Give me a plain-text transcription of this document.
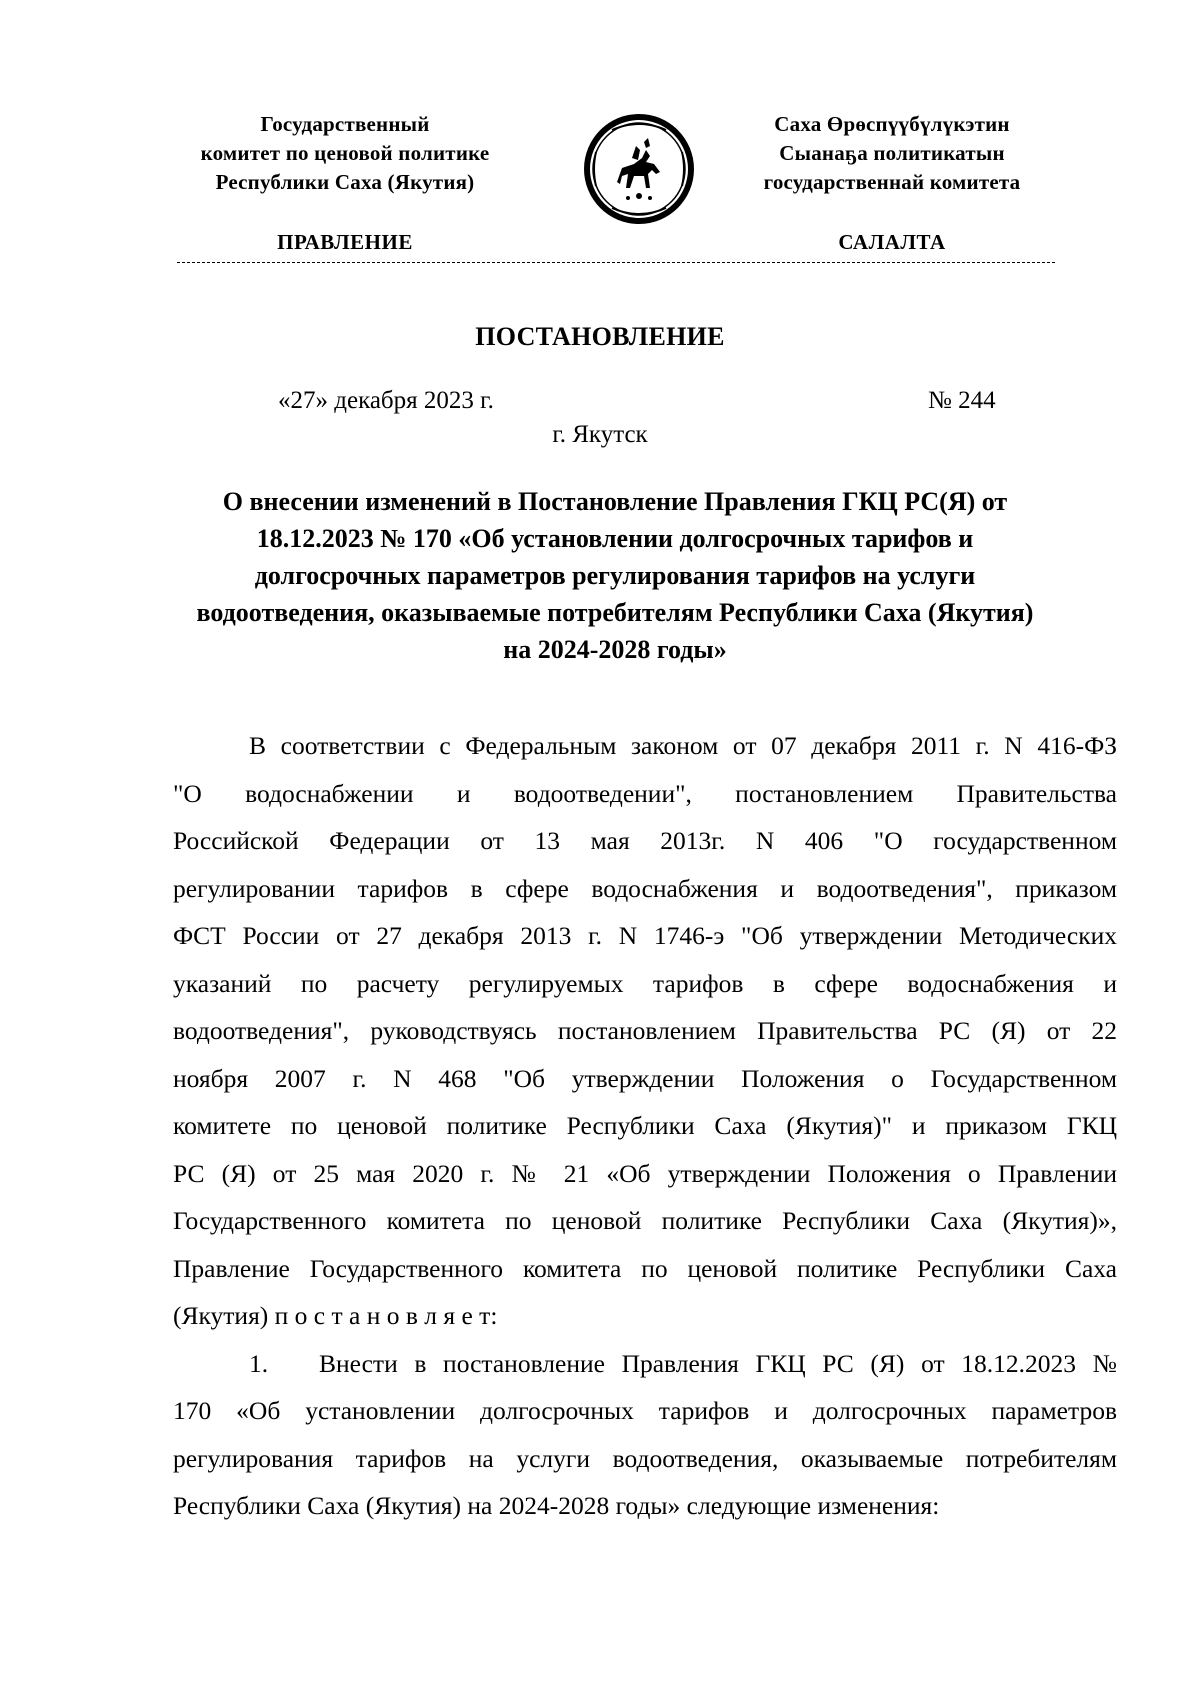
Государственный
комитет по ценовой политике
Республики Саха (Якутия)
Саха Өрөспүүбүлүкэтин
Сыанаҕа политикатын
государственнай комитета
ПРАВЛЕНИЕ	САЛАЛТА
ПОСТАНОВЛЕНИЕ
«27» декабря 2023 г.	№ 244
г. Якутск
О внесении изменений в Постановление Правления ГКЦ РС(Я) от
18.12.2023 № 170 «Об установлении долгосрочных тарифов и
долгосрочных параметров регулирования тарифов на услуги
водоотведения, оказываемые потребителям Республики Саха (Якутия)
на 2024-2028 годы»
В соответствии с Федеральным законом от 07 декабря 2011 г. N 416-ФЗ
"О водоснабжении и водоотведении", постановлением Правительства
Российской Федерации от 13 мая 2013г. N 406 "О государственном
регулировании тарифов в сфере водоснабжения и водоотведения", приказом
ФСТ России от 27 декабря 2013 г. N 1746-э "Об утверждении Методических
указаний по расчету регулируемых тарифов в сфере водоснабжения и
водоотведения", руководствуясь постановлением Правительства РС (Я) от 22
ноября 2007 г. N 468 "Об утверждении Положения о Государственном
комитете по ценовой политике Республики Саха (Якутия)" и приказом ГКЦ
РС (Я) от 25 мая 2020 г. № 21 «Об утверждении Положения о Правлении
Государственного комитета по ценовой политике Республики Саха (Якутия)»,
Правление Государственного комитета по ценовой политике Республики Саха
(Якутия) п о с т а н о в л я е т:
1. Внести в постановление Правления ГКЦ РС (Я) от 18.12.2023 №
170 «Об установлении долгосрочных тарифов и долгосрочных параметров
регулирования тарифов на услуги водоотведения, оказываемые потребителям
Республики Саха (Якутия) на 2024-2028 годы» следующие изменения:
